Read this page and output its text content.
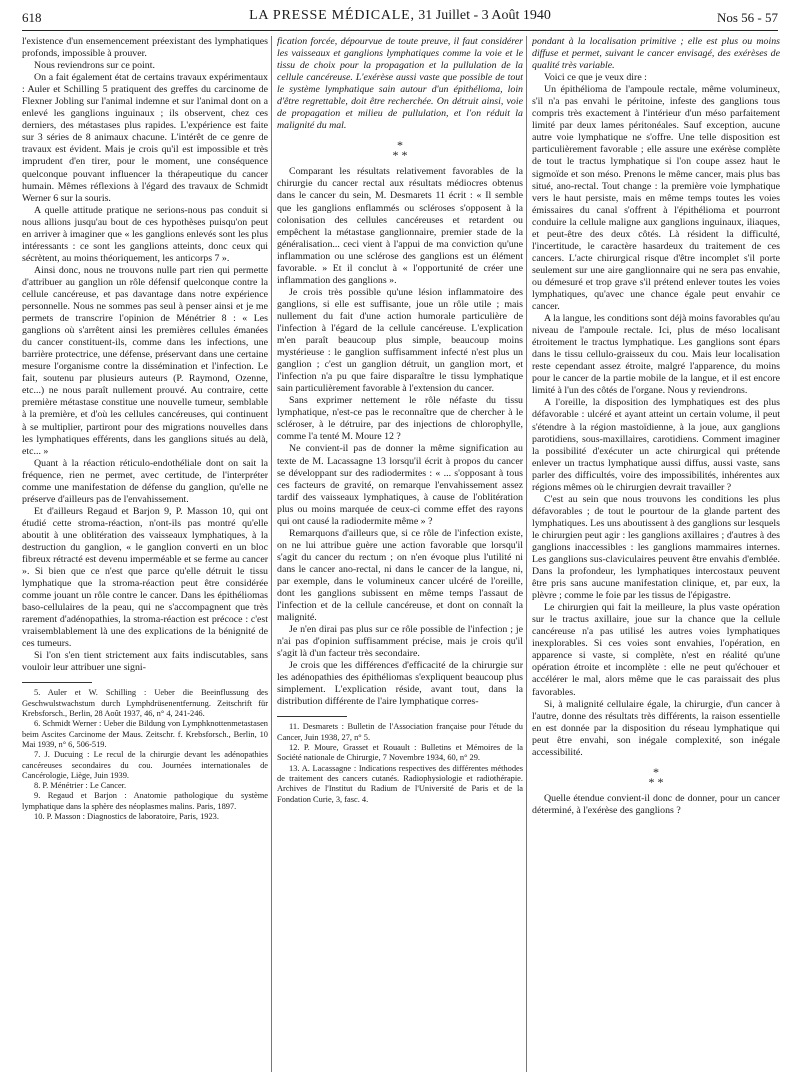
618	LA PRESSE MÉDICALE, 31 Juillet - 3 Août 1940	Nos 56 - 57

l'existence d'un ensemencement préexistant des lymphatiques profonds, impossible à prouver.

Nous reviendrons sur ce point.

On a fait également état de certains travaux expérimentaux : Auler et Schilling 5 pratiquent des greffes du carcinome de Flexner Jobling sur l'animal indemne et sur l'animal dont on a enlevé les ganglions inguinaux ; ils observent, chez ces derniers, des métastases plus rapides. L'expérience est faite sur 3 séries de 8 animaux chacune. L'intérêt de ce genre de travaux est évident. Mais je crois qu'il est impossible et très imprudent d'en tirer, pour le moment, une conséquence quelconque pouvant influencer la thérapeutique du cancer humain. Mêmes réflexions à l'égard des travaux de Schmidt Werner 6 sur la souris.

A quelle attitude pratique ne serions-nous pas conduit si nous allions jusqu'au bout de ces hypothèses puisqu'on peut en arriver à imaginer que « les ganglions enlevés sont les plus intéressants : ce sont les ganglions atteints, donc ceux qui sécrètent, au moins théoriquement, les anticorps 7 ».

Ainsi donc, nous ne trouvons nulle part rien qui permette d'attribuer au ganglion un rôle défensif quelconque contre la cellule cancéreuse, et pas davantage dans notre expérience personnelle. Nous ne sommes pas seul à penser ainsi et je me permets de transcrire l'opinion de Ménétrier 8 : « Les ganglions où s'arrêtent ainsi les premières cellules émanées du cancer constituent-ils, comme dans les infections, une barrière protectrice, une défense, préservant dans une certaine mesure l'organisme contre la dissémination et l'infection. Le fait, soutenu par plusieurs auteurs (P. Raymond, Ozenne, etc...) ne nous paraît nullement prouvé. Au contraire, cette première métastase constitue une nouvelle tumeur, semblable à la première, et d'où les cellules cancéreuses, qui continuent à se multiplier, partiront pour des migrations nouvelles dans les lymphatiques efférents, dans les ganglions situés au delà, etc... »

Quant à la réaction réticulo-endothéliale dont on sait la fréquence, rien ne permet, avec certitude, de l'interpréter comme une manifestation de défense du ganglion, qu'elle ne préserve d'ailleurs pas de l'envahissement.

Et d'ailleurs Regaud et Barjon 9, P. Masson 10, qui ont étudié cette stroma-réaction, n'ont-ils pas montré qu'elle aboutit à une oblitération des vaisseaux lymphatiques, à la destruction du ganglion, « le ganglion converti en un bloc fibreux rétracté est devenu imperméable et se ferme au cancer ». Si bien que ce n'est que parce qu'elle détruit le tissu lymphatique que la stroma-réaction peut être considérée comme jouant un rôle contre le cancer. Dans les épithéliomas baso-cellulaires de la peau, qui ne s'accompagnent que très rarement d'adénopathies, la stroma-réaction est précoce : c'est vraisemblablement là une des explications de la bénignité de ces tumeurs.

Si l'on s'en tient strictement aux faits indiscutables, sans vouloir leur attribuer une signi-

5. Auler et W. Schilling : Ueber die Beeinflussung des Geschwulstwachstum durch Lymphdrüsenentfernung. Zeitschrift für Krebsforsch., Berlin, 28 Août 1937, 46, n° 4, 241-246.

6. Schmidt Werner : Ueber die Bildung von Lymphknottenmetastasen beim Ascites Carcinome der Maus. Zeitschr. f. Krebsforsch., Berlin, 10 Mai 1939, n° 6, 506-519.

7. J. Ducuing : Le recul de la chirurgie devant les adénopathies cancéreuses secondaires du cou. Journées internationales de Cancérologie, Liège, Juin 1939.

8. P. Ménétrier : Le Cancer.

9. Regaud et Barjon : Anatomie pathologique du système lymphatique dans la sphère des néoplasmes malins. Paris, 1897.

10. P. Masson : Diagnostics de laboratoire, Paris, 1923.

fication forcée, dépourvue de toute preuve, il faut considérer les vaisseaux et ganglions lymphatiques comme la voie et le tissu de choix pour la propagation et la pullulation de la cellule cancéreuse. L'exérèse aussi vaste que possible de tout le système lymphatique sain autour d'un épithélioma, loin d'être regrettable, doit être recherchée. On détruit ainsi, voie de propagation et milieu de pullulation, et l'on réduit la malignité du mal.

*
* *

Comparant les résultats relativement favorables de la chirurgie du cancer rectal aux résultats médiocres obtenus dans le cancer du sein, M. Desmarets 11 écrit : « Il semble que les ganglions enflammés ou scléroses s'opposent à la colonisation des cellules cancéreuses et retardent ou empêchent la métastase ganglionnaire, premier stade de la généralisation... ceci vient à l'appui de ma conviction qu'une inflammation ou une sclérose des ganglions est un élément favorable. » Et il conclut à « l'opportunité de créer une inflammation des ganglions ».

Je crois très possible qu'une lésion inflammatoire des ganglions, si elle est suffisante, joue un rôle utile ; mais nullement du fait d'une action humorale particulière de l'infection à l'égard de la cellule cancéreuse. L'explication m'en paraît beaucoup plus simple, beaucoup moins mystérieuse : le ganglion suffisamment infecté n'est plus un ganglion ; c'est un ganglion détruit, un ganglion mort, et l'infection n'a pu que faire disparaître le tissu lymphatique sain particulièrement favorable à l'extension du cancer.

Sans exprimer nettement le rôle néfaste du tissu lymphatique, n'est-ce pas le reconnaître que de chercher à le scléroser, à le détruire, par des injections de chlorophylle, comme l'a tenté M. Moure 12 ?

Ne convient-il pas de donner la même signification au texte de M. Lacassagne 13 lorsqu'il écrit à propos du cancer se développant sur des radiodermites : « ... s'opposant à tous ces facteurs de gravité, on remarque l'envahissement assez tardif des vaisseaux lymphatiques, à cause de l'oblitération plus ou moins marquée de ceux-ci comme effet des rayons qui ont causé la radiodermite même » ?

Remarquons d'ailleurs que, si ce rôle de l'infection existe, on ne lui attribue guère une action favorable que lorsqu'il s'agit du cancer du rectum ; on n'en évoque plus l'utilité ni dans le cancer ano-rectal, ni dans le cancer de la langue, ni, par exemple, dans le volumineux cancer ulcéré de l'oreille, dont les ganglions subissent en même temps l'assaut de l'infection et de la cellule cancéreuse, et dont on connaît la malignité.

Je n'en dirai pas plus sur ce rôle possible de l'infection ; je n'ai pas d'opinion suffisamment précise, mais je crois qu'il s'agit là d'un facteur très secondaire.

Je crois que les différences d'efficacité de la chirurgie sur les adénopathies des épithéliomas s'expliquent beaucoup plus simplement. L'explication réside, avant tout, dans la distribution différente de l'aire lymphatique corres-

11. Desmarets : Bulletin de l'Association française pour l'étude du Cancer, Juin 1938, 27, n° 5.

12. P. Moure, Grasset et Rouault : Bulletins et Mémoires de la Société nationale de Chirurgie, 7 Novembre 1934, 60, n° 29.

13. A. Lacassagne : Indications respectives des différentes méthodes de traitement des cancers cutanés. Radiophysiologie et radiothérapie. Archives de l'Institut du Radium de l'Université de Paris et de la Fondation Curie, 3, fasc. 4.

pondant à la localisation primitive ; elle est plus ou moins diffuse et permet, suivant le cancer envisagé, des exérèses de qualité très variable.

Voici ce que je veux dire :

Un épithélioma de l'ampoule rectale, même volumineux, s'il n'a pas envahi le péritoine, infeste des ganglions tous compris très exactement à l'intérieur d'un méso parfaitement limité par deux lames péritonéales. Sauf exception, aucune autre voie lymphatique ne s'offre. Une telle disposition est particulièrement favorable ; elle assure une exérèse complète de tout le tractus lymphatique si l'on coupe assez haut le sigmoïde et son méso. Prenons le même cancer, mais plus bas situé, ano-rectal. Tout change : la première voie lymphatique vers le haut persiste, mais en même temps toutes les voies émissaires du canal s'offrent à l'épithélioma et pourront conduire la cellule maligne aux ganglions inguinaux, iliaques, et peut-être des deux côtés. Là résident la difficulté, l'incertitude, le caractère hasardeux du traitement de ces cancers. L'acte chirurgical risque d'être incomplet s'il porte seulement sur une aire ganglionnaire qui ne sera pas envahie, ou démesuré et trop grave s'il prétend enlever toutes les voies lymphatiques, qu'avec une chance égale peut envahir ce cancer.

A la langue, les conditions sont déjà moins favorables qu'au niveau de l'ampoule rectale. Ici, plus de méso localisant étroitement le tractus lymphatique. Les ganglions sont épars dans le tissu cellulo-graisseux du cou. Mais leur localisation reste cependant assez étroite, malgré l'apparence, du moins pour le cancer de la partie mobile de la langue, et il est encore limité à l'un des côtés de l'organe. Nous y reviendrons.

A l'oreille, la disposition des lymphatiques est des plus défavorable : ulcéré et ayant atteint un certain volume, il peut s'étendre à la région mastoïdienne, à la joue, aux ganglions parotidiens, sous-maxillaires, carotidiens. Comment imaginer la possibilité d'exécuter un acte chirurgical qui prétende enlever un tractus lymphatique aussi diffus, aussi vaste, sans parler des difficultés, voire des impossibilités, inhérentes aux régions mêmes où le chirurgien devrait travailler ?

C'est au sein que nous trouvons les conditions les plus défavorables ; de tout le pourtour de la glande partent des lymphatiques. Les uns aboutissent à des ganglions sur lesquels le chirurgien peut agir : les ganglions axillaires ; d'autres à des ganglions inaccessibles : les ganglions mammaires internes. Les ganglions sus-claviculaires peuvent être envahis d'emblée. Dans la profondeur, les lymphatiques intercostaux peuvent être pris sans aucune manifestation clinique, et, par eux, la plèvre ; comme le foie par les tissus de l'épigastre.

Le chirurgien qui fait la meilleure, la plus vaste opération sur le tractus axillaire, joue sur la chance que la cellule cancéreuse n'a pas utilisé les autres voies lymphatiques inexplorables. Si ces voies sont envahies, l'opération, en apparence si vaste, si complète, n'est en réalité qu'une opération étroite et incomplète : elle ne peut qu'échouer et accélérer le mal, alors même que le cas paraissait des plus favorables.

Si, à malignité cellulaire égale, la chirurgie, d'un cancer à l'autre, donne des résultats très différents, la raison essentielle en est donnée par la disposition du réseau lymphatique qui peut être envahi, son inégale complexité, son inégale accessibilité.

*
* *

Quelle étendue convient-il donc de donner, pour un cancer déterminé, à l'exérèse des ganglions ?
